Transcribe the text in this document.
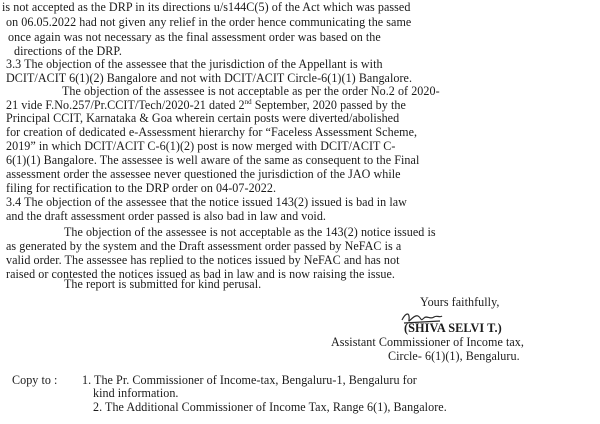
is not accepted as the DRP in its directions u/s144C(5) of the Act which was passed
on 06.05.2022 had not given any relief in the order hence communicating the same
once again was not necessary as the final assessment order was based on the
directions of the DRP.
3.3 The objection of the assessee that the jurisdiction of the Appellant is with
DCIT/ACIT 6(1)(2) Bangalore and not with DCIT/ACIT Circle-6(1)(1) Bangalore.
The objection of the assessee is not acceptable as per the order No.2 of 2020-
21 vide F.No.257/Pr.CCIT/Tech/2020-21 dated 2nd September, 2020 passed by the
Principal CCIT, Karnataka & Goa wherein certain posts were diverted/abolished
for creation of dedicated e-Assessment hierarchy for “Faceless Assessment Scheme,
2019” in which DCIT/ACIT C-6(1)(2) post is now merged with DCIT/ACIT C-
6(1)(1) Bangalore. The assessee is well aware of the same as consequent to the Final
assessment order the assessee never questioned the jurisdiction of the JAO while
filing for rectification to the DRP order on 04-07-2022.
3.4 The objection of the assessee that the notice issued 143(2) issued is bad in law
and the draft assessment order passed is also bad in law and void.
The objection of the assessee is not acceptable as the 143(2) notice issued is
as generated by the system and the Draft assessment order passed by NeFAC is a
valid order. The assessee has replied to the notices issued by NeFAC and has not
raised or contested the notices issued as bad in law and is now raising the issue.
The report is submitted for kind perusal.
Yours faithfully,
(SHIVA SELVI T.)
Assistant Commissioner of Income tax,
Circle- 6(1)(1), Bengaluru.
Copy to : 1. The Pr. Commissioner of Income-tax, Bengaluru-1, Bengaluru for
kind information.
2. The Additional Commissioner of Income Tax, Range 6(1), Bangalore.
